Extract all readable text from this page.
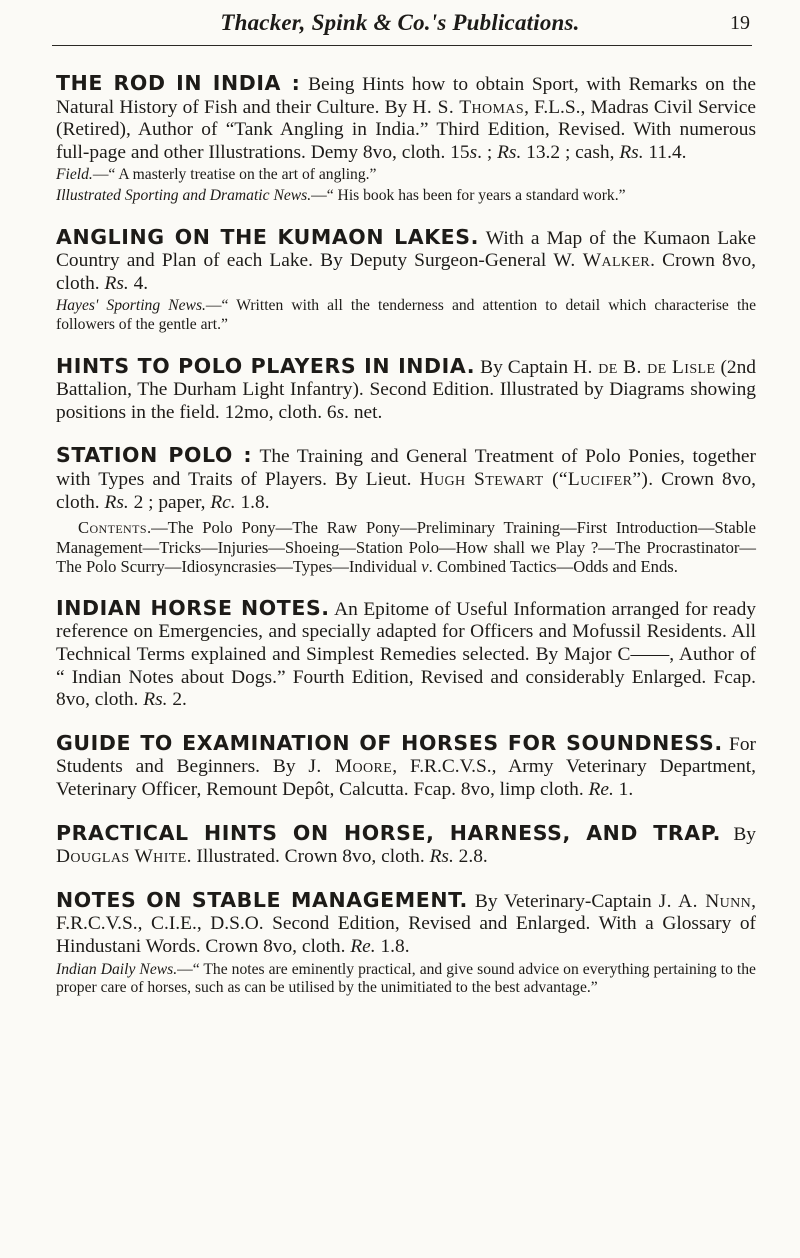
Thacker, Spink & Co.'s Publications.	19

THE ROD IN INDIA : Being Hints how to obtain Sport, with Remarks on the Natural History of Fish and their Culture. By H. S. Thomas, F.L.S., Madras Civil Service (Retired), Author of “Tank Angling in India.” Third Edition, Revised. With numerous full-page and other Illustrations. Demy 8vo, cloth. 15s. ; Rs. 13.2 ; cash, Rs. 11.4.

Field.—“ A masterly treatise on the art of angling.”

Illustrated Sporting and Dramatic News.—“ His book has been for years a standard work.”

ANGLING ON THE KUMAON LAKES. With a Map of the Kumaon Lake Country and Plan of each Lake. By Deputy Surgeon-General W. Walker. Crown 8vo, cloth. Rs. 4.

Hayes' Sporting News.—“ Written with all the tenderness and attention to detail which characterise the followers of the gentle art.”

HINTS TO POLO PLAYERS IN INDIA. By Captain H. de B. de Lisle (2nd Battalion, The Durham Light Infantry). Second Edition. Illustrated by Diagrams showing positions in the field. 12mo, cloth. 6s. net.

STATION POLO : The Training and General Treatment of Polo Ponies, together with Types and Traits of Players. By Lieut. Hugh Stewart (“Lucifer”). Crown 8vo, cloth. Rs. 2 ; paper, Rc. 1.8.

Contents.—The Polo Pony—The Raw Pony—Preliminary Training—First Introduction—Stable Management—Tricks—Injuries—Shoeing—Station Polo—How shall we Play ?—The Procrastinator—The Polo Scurry—Idiosyncrasies—Types—Individual v. Combined Tactics—Odds and Ends.

INDIAN HORSE NOTES. An Epitome of Useful Information arranged for ready reference on Emergencies, and specially adapted for Officers and Mofussil Residents. All Technical Terms explained and Simplest Remedies selected. By Major C——, Author of “ Indian Notes about Dogs.” Fourth Edition, Revised and considerably Enlarged. Fcap. 8vo, cloth. Rs. 2.

GUIDE TO EXAMINATION OF HORSES FOR SOUNDNESS. For Students and Beginners. By J. Moore, F.R.C.V.S., Army Veterinary Department, Veterinary Officer, Remount Depôt, Calcutta. Fcap. 8vo, limp cloth. Re. 1.

PRACTICAL HINTS ON HORSE, HARNESS, AND TRAP. By Douglas White. Illustrated. Crown 8vo, cloth. Rs. 2.8.

NOTES ON STABLE MANAGEMENT. By Veterinary-Captain J. A. Nunn, F.R.C.V.S., C.I.E., D.S.O. Second Edition, Revised and Enlarged. With a Glossary of Hindustani Words. Crown 8vo, cloth. Re. 1.8.

Indian Daily News.—“ The notes are eminently practical, and give sound advice on everything pertaining to the proper care of horses, such as can be utilised by the unimitiated to the best advantage.”
